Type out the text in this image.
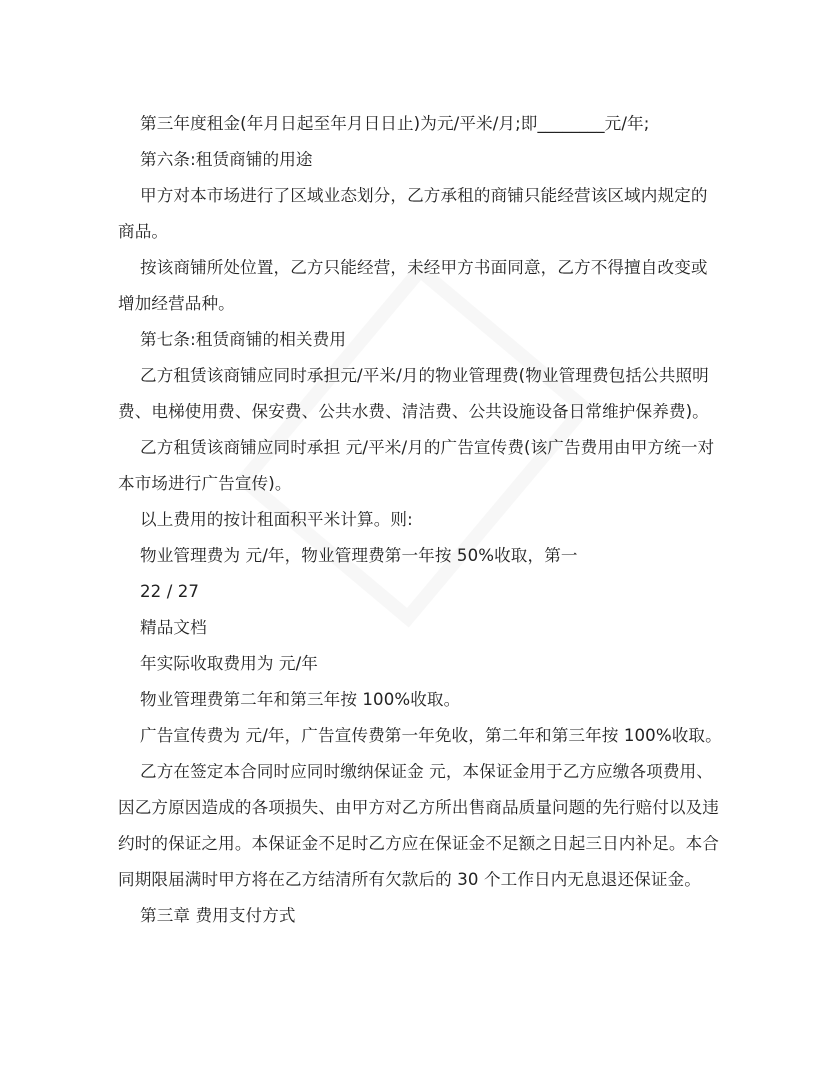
第三年度租金(年月日起至年月日日止)为元/平米/月;即________元/年;
第六条:租赁商铺的用途
甲方对本市场进行了区域业态划分，乙方承租的商铺只能经营该区域内规定的
商品。
按该商铺所处位置，乙方只能经营，未经甲方书面同意，乙方不得擅自改变或
增加经营品种。
第七条:租赁商铺的相关费用
乙方租赁该商铺应同时承担元/平米/月的物业管理费(物业管理费包括公共照明
费、电梯使用费、保安费、公共水费、清洁费、公共设施设备日常维护保养费)。
乙方租赁该商铺应同时承担 元/平米/月的广告宣传费(该广告费用由甲方统一对
本市场进行广告宣传)。
以上费用的按计租面积平米计算。则:
物业管理费为 元/年，物业管理费第一年按 50%收取，第一
22 / 27
精品文档
年实际收取费用为 元/年
物业管理费第二年和第三年按 100%收取。
广告宣传费为 元/年，广告宣传费第一年免收，第二年和第三年按 100%收取。
乙方在签定本合同时应同时缴纳保证金 元，本保证金用于乙方应缴各项费用、
因乙方原因造成的各项损失、由甲方对乙方所出售商品质量问题的先行赔付以及违
约时的保证之用。本保证金不足时乙方应在保证金不足额之日起三日内补足。本合
同期限届满时甲方将在乙方结清所有欠款后的 30 个工作日内无息退还保证金。
第三章 费用支付方式
